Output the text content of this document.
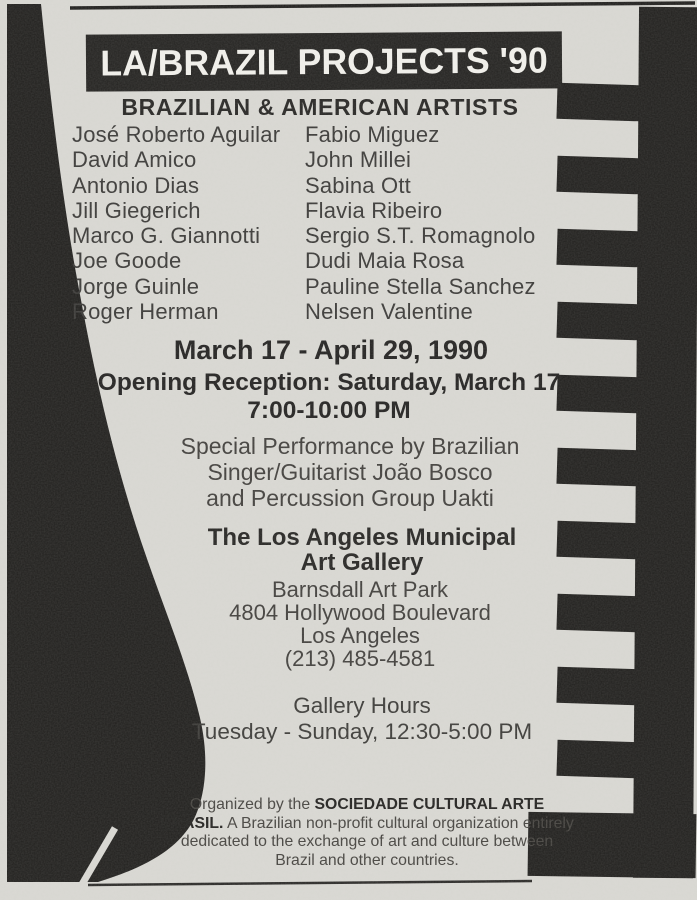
LA/BRAZIL PROJECTS '90
BRAZILIAN & AMERICAN ARTISTS
José Roberto Aguilar	Fabio Miguez
David Amico	John Millei
Antonio Dias	Sabina Ott
Jill Giegerich	Flavia Ribeiro
Marco G. Giannotti	Sergio S.T. Romagnolo
Joe Goode	Dudi Maia Rosa
Jorge Guinle	Pauline Stella Sanchez
Roger Herman	Nelsen Valentine
March 17 - April 29, 1990
Opening Reception: Saturday, March 17
7:00-10:00 PM
Special Performance by Brazilian
Singer/Guitarist João Bosco
and Percussion Group Uakti
The Los Angeles Municipal
Art Gallery
Barnsdall Art Park
4804 Hollywood Boulevard
Los Angeles
(213) 485-4581
Gallery Hours
Tuesday - Sunday, 12:30-5:00 PM
Organized by the SOCIEDADE CULTURAL ARTE BRASIL. A Brazilian non-profit cultural organization entirely dedicated to the exchange of art and culture between Brazil and other countries.
